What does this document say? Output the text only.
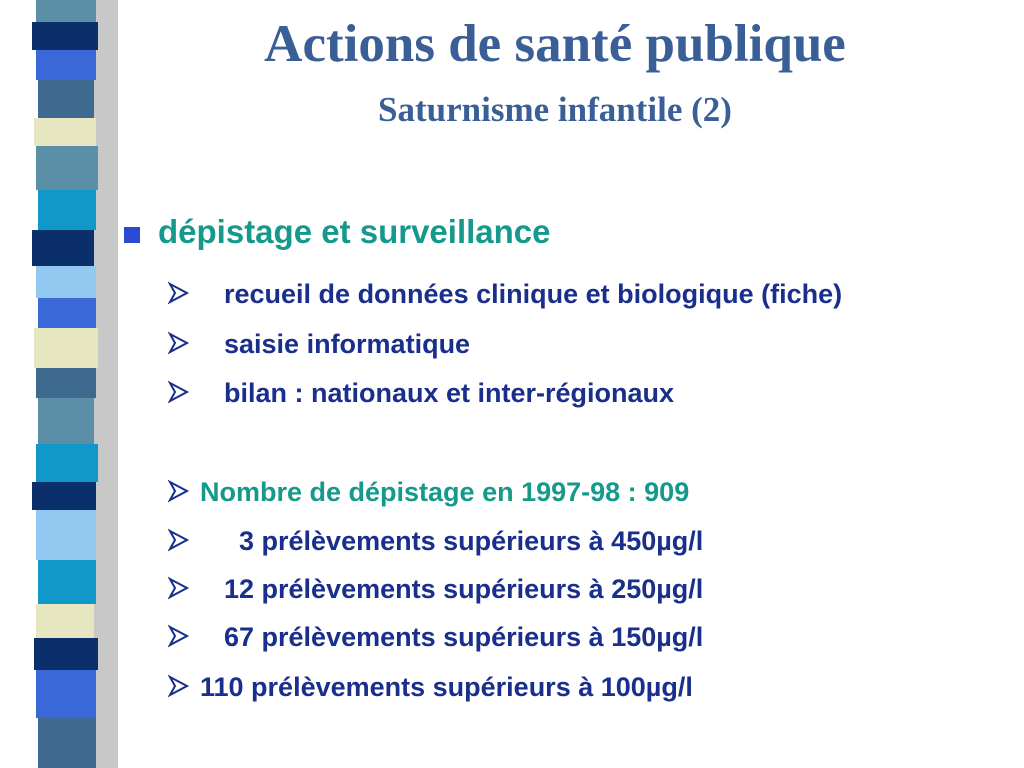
Actions de santé publique
Saturnisme infantile (2)
dépistage et surveillance
recueil de données clinique et biologique (fiche)
saisie informatique
bilan : nationaux et inter-régionaux
Nombre de dépistage en 1997-98 : 909
3 prélèvements supérieurs à 450µg/l
12 prélèvements supérieurs à 250µg/l
67 prélèvements supérieurs à 150µg/l
110 prélèvements supérieurs à 100µg/l
